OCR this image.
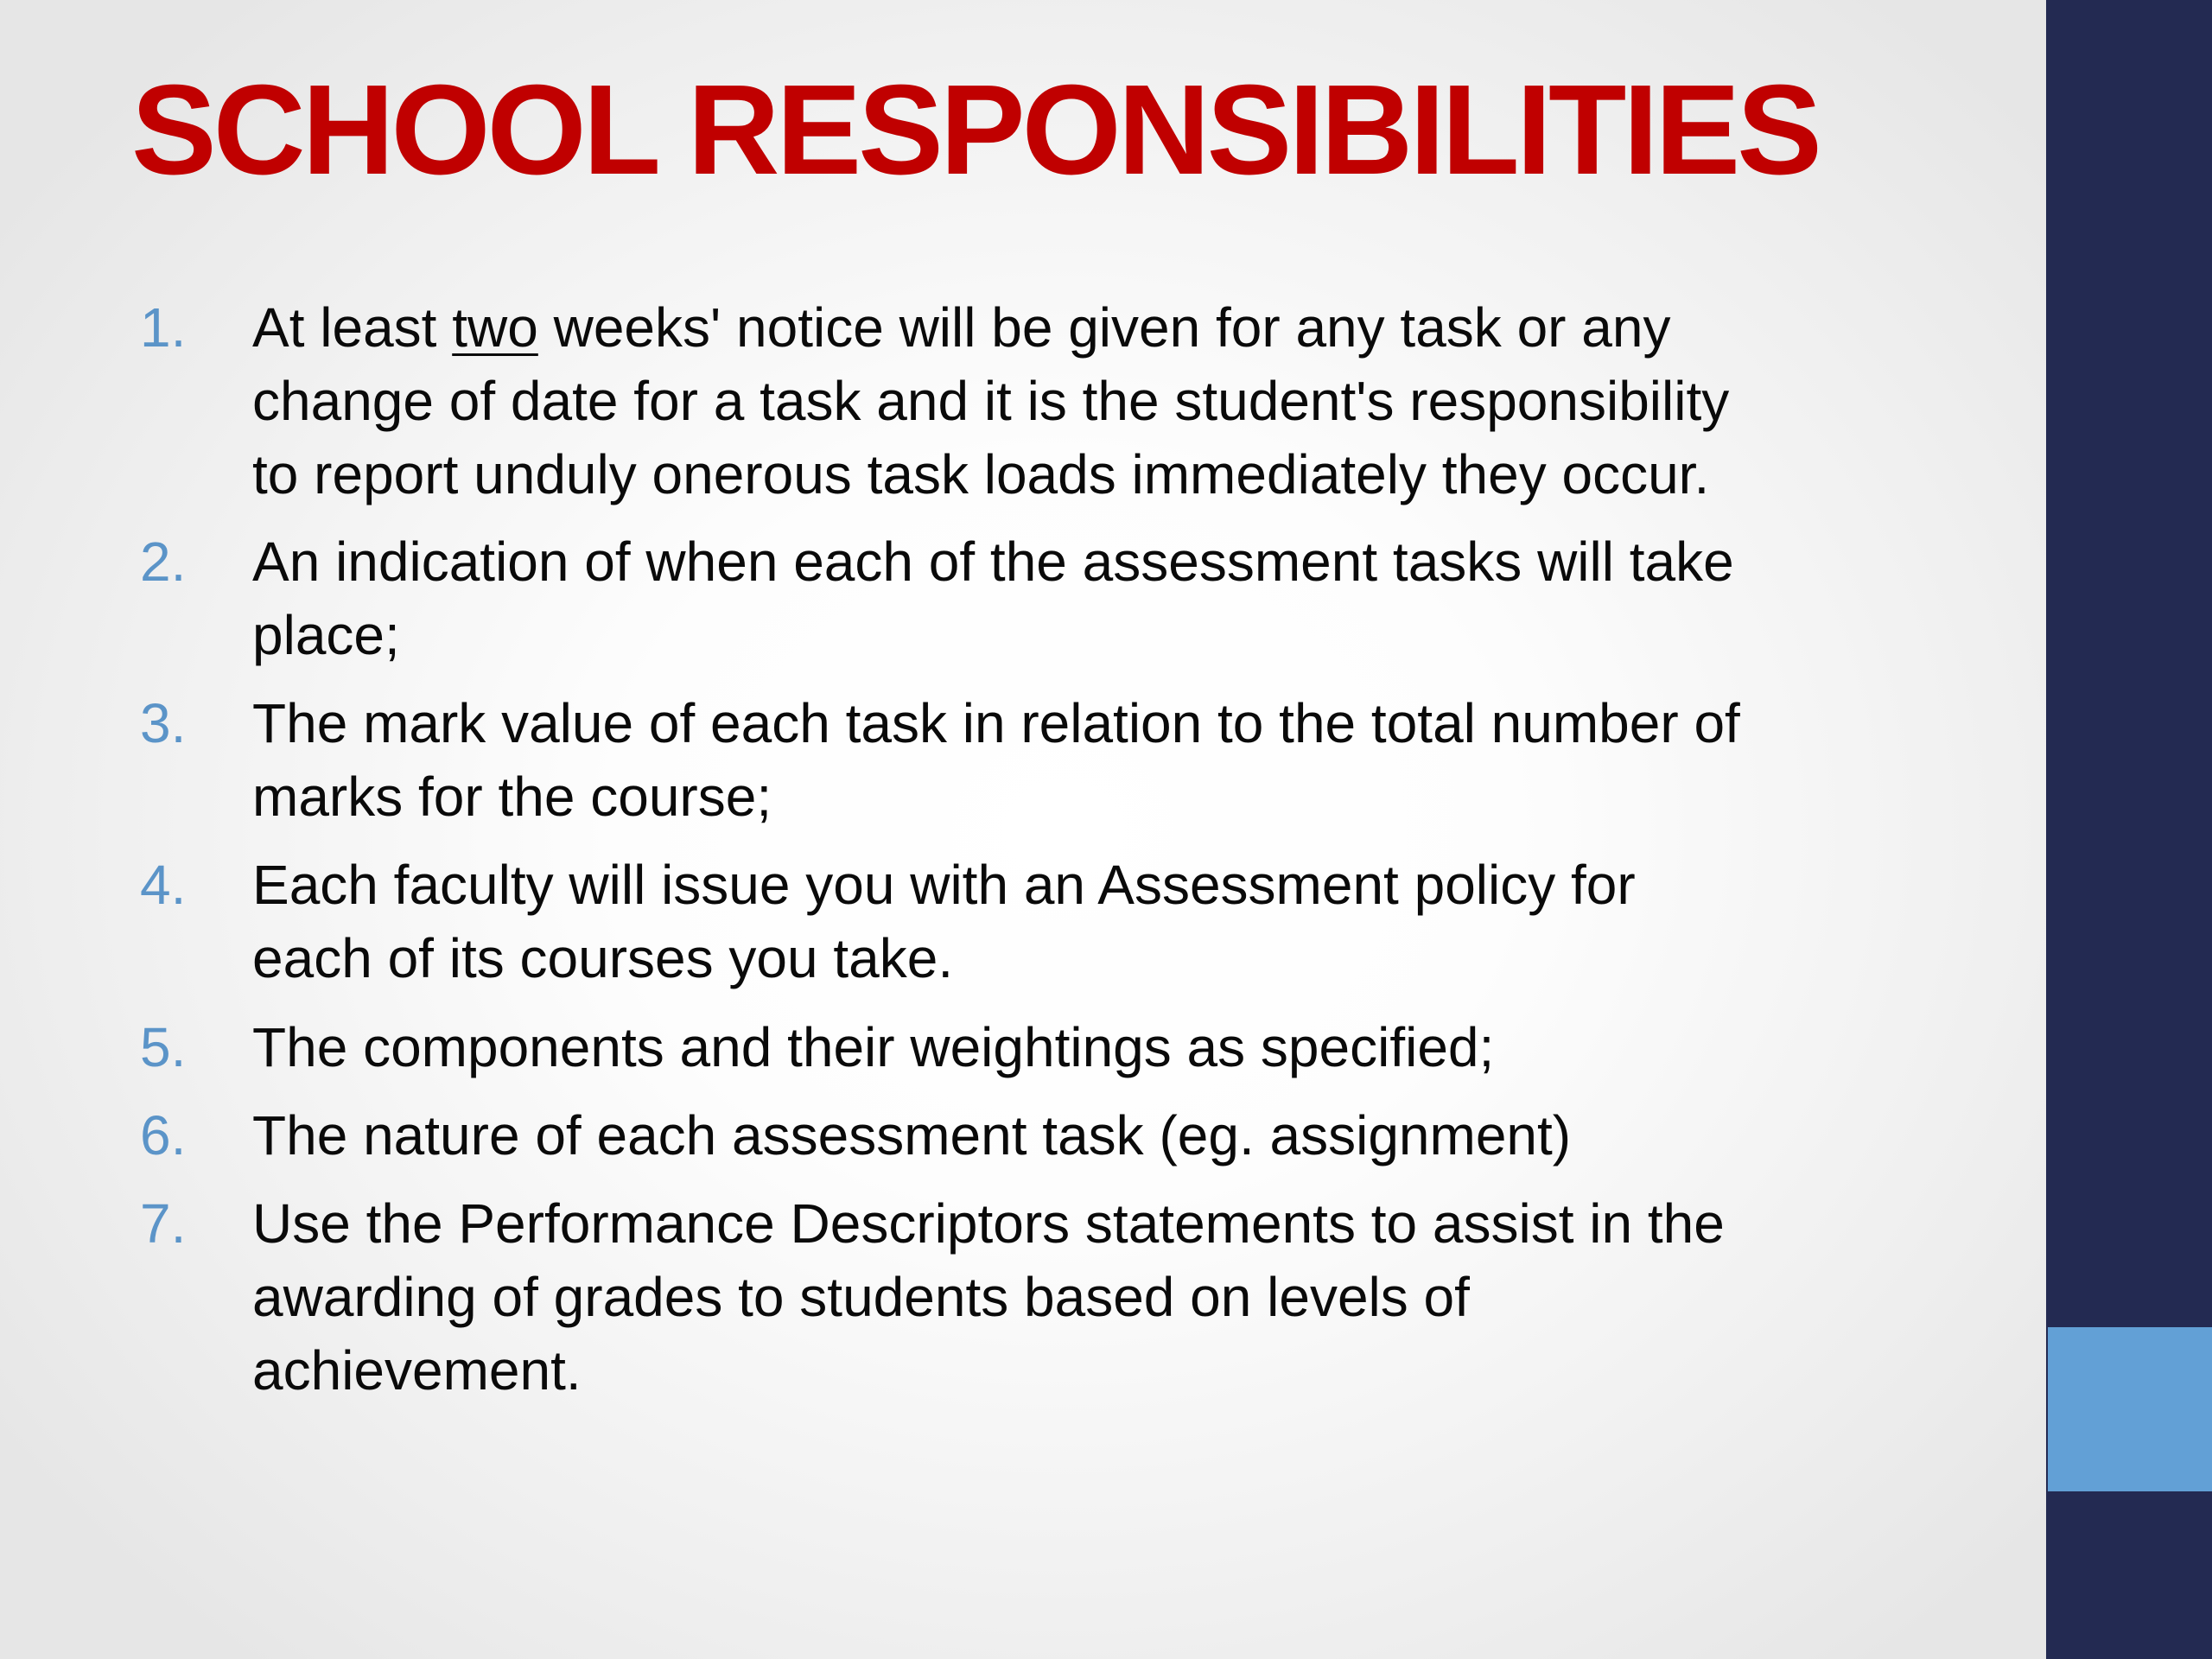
SCHOOL RESPONSIBILITIES
1. At least two weeks' notice will be given for any task or any
change of date for a task and it is the student's responsibility
to report unduly onerous task loads immediately they occur.
2. An indication of when each of the assessment tasks will take
place;
3. The mark value of each task in relation to the total number of
marks for the course;
4. Each faculty will issue you with an Assessment policy for
each of its courses you take.
5. The components and their weightings as specified;
6. The nature of each assessment task (eg. assignment)
7. Use the Performance Descriptors statements to assist in the
awarding of grades to students based on levels of
achievement.
